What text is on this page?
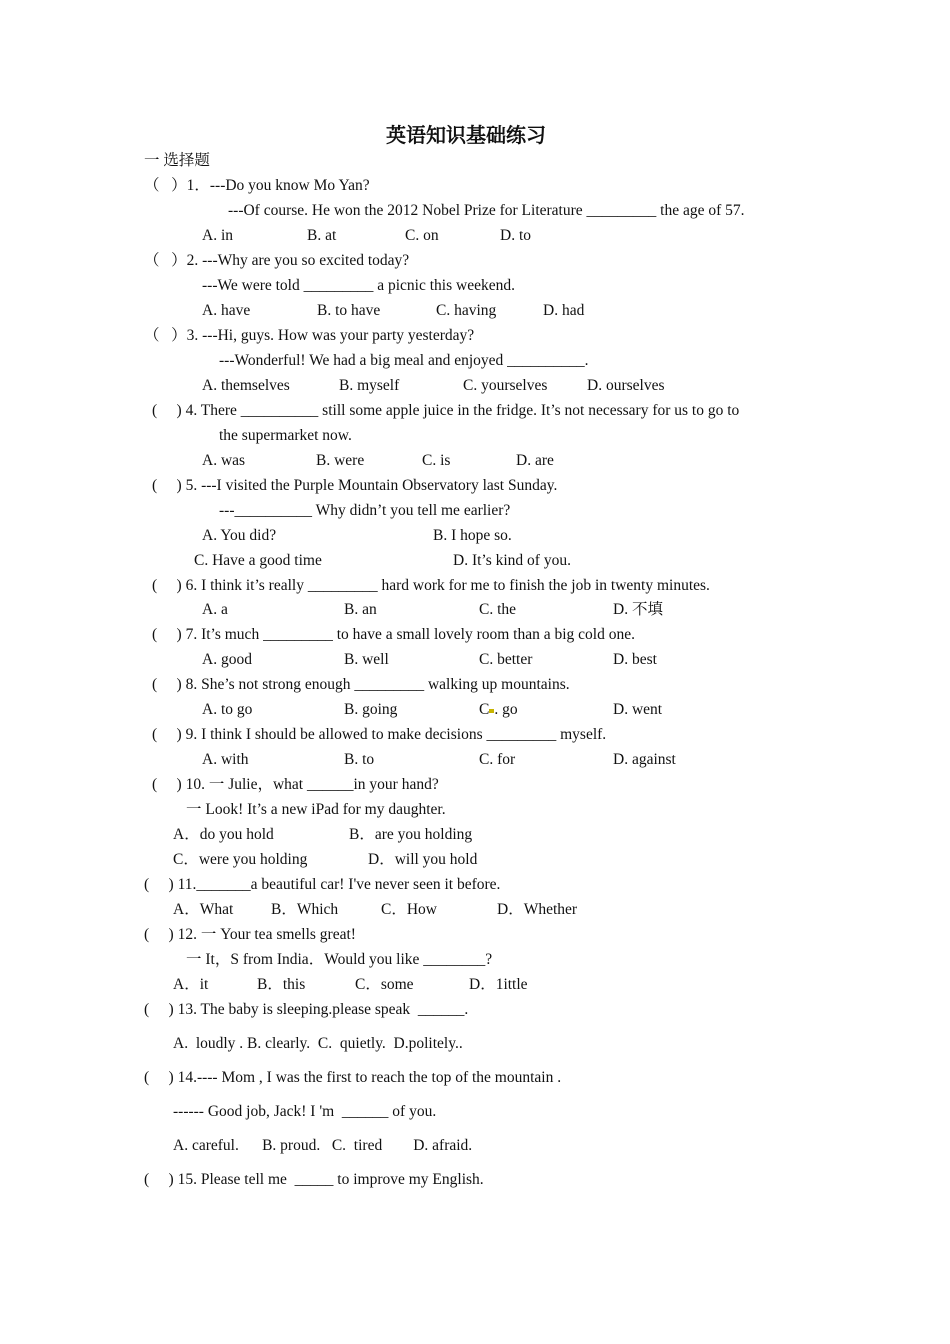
英语知识基础练习
一 选择题
（   ）1．---Do you know Mo Yan?
---Of course. He won the 2012 Nobel Prize for Literature _________ the age of 57.
A. in	B. at	C. on	D. to
（   ）2. ---Why are you so excited today?
---We were told _________ a picnic this weekend.
A. have	B. to have	C. having	D. had
（   ）3. ---Hi, guys. How was your party yesterday?
---Wonderful! We had a big meal and enjoyed __________.
A. themselves	B. myself	C. yourselves	D. ourselves
(     ) 4. There __________ still some apple juice in the fridge. It’s not necessary for us to go to
the supermarket now.
A. was	B. were	C. is	D. are
(     ) 5. ---I visited the Purple Mountain Observatory last Sunday.
---__________ Why didn’t you tell me earlier?
A. You did?	B. I hope so.
C. Have a good time	D. It’s kind of you.
(     ) 6. I think it’s really _________ hard work for me to finish the job in twenty minutes.
A. a	B. an	C. the	D. 不填
(     ) 7. It’s much _________ to have a small lovely room than a big cold one.
A. good	B. well	C. better	D. best
(     ) 8. She’s not strong enough _________ walking up mountains.
A. to go	B. going	C . go	D. went
(     ) 9. I think I should be allowed to make decisions _________ myself.
A. with	B. to	C. for	D. against
(     ) 10. 一 Julie，what ______in your hand?
一 Look! It’s a new iPad for my daughter.
A．do you hold	B．are you holding
C．were you holding	D．will you hold
(     ) 11._______a beautiful car! I've never seen it before.
A．What B．Which	C．How	D．Whether
(     ) 12. 一 Your tea smells great!
一 It，S from India．Would you like ________?
A．it	B．this	C．some	D．1ittle
(     ) 13. The baby is sleeping.please speak  ______.
A.  loudly . B. clearly.  C.  quietly.  D.politely..
(     ) 14.---- Mom , I was the first to reach the top of the mountain .
------ Good job, Jack! I 'm  ______ of you.
A. careful.      B. proud.   C.  tired        D. afraid.
(     ) 15. Please tell me  _____ to improve my English.
